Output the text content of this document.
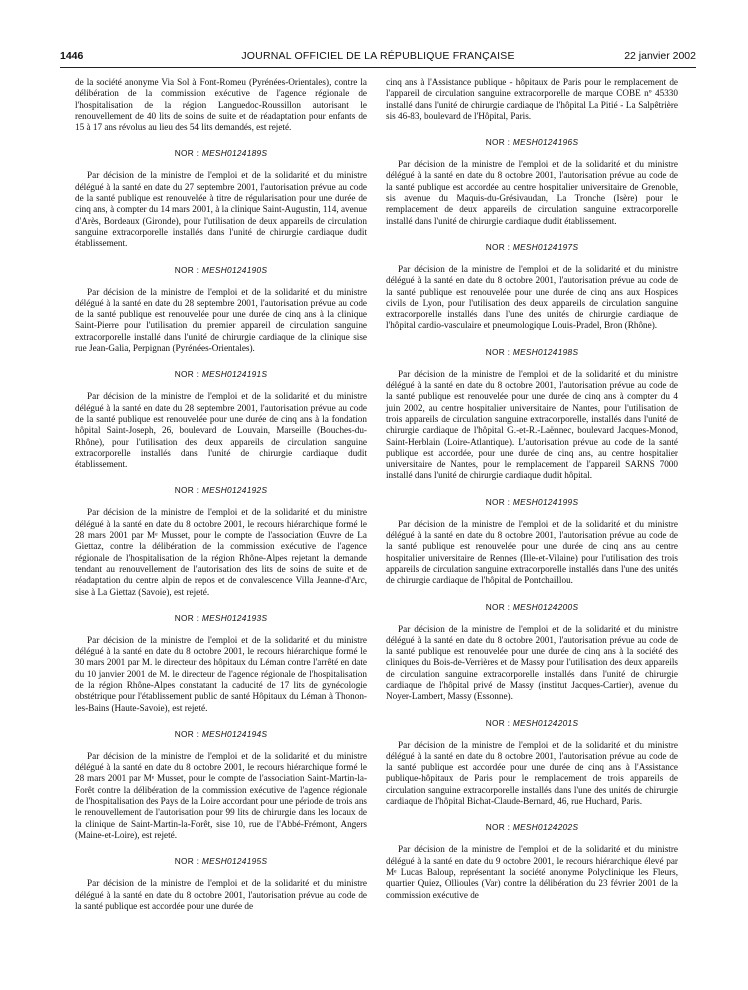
1446	JOURNAL OFFICIEL DE LA RÉPUBLIQUE FRANÇAISE	22 janvier 2002

de la société anonyme Via Sol à Font-Romeu (Pyrénées-Orientales), contre la délibération de la commission exécutive de l'agence régionale de l'hospitalisation de la région Languedoc-Roussillon autorisant le renouvellement de 40 lits de soins de suite et de réadaptation pour enfants de 15 à 17 ans révolus au lieu des 54 lits demandés, est rejeté.

NOR : MESH0124189S

Par décision de la ministre de l'emploi et de la solidarité et du ministre délégué à la santé en date du 27 septembre 2001, l'autorisation prévue au code de la santé publique est renouvelée à titre de régularisation pour une durée de cinq ans, à compter du 14 mars 2001, à la clinique Saint-Augustin, 114, avenue d'Arès, Bordeaux (Gironde), pour l'utilisation de deux appareils de circulation sanguine extracorporelle installés dans l'unité de chirurgie cardiaque dudit établissement.

NOR : MESH0124190S

Par décision de la ministre de l'emploi et de la solidarité et du ministre délégué à la santé en date du 28 septembre 2001, l'autorisation prévue au code de la santé publique est renouvelée pour une durée de cinq ans à la clinique Saint-Pierre pour l'utilisation du premier appareil de circulation sanguine extracorporelle installé dans l'unité de chirurgie cardiaque de la clinique sise rue Jean-Galia, Perpignan (Pyrénées-Orientales).

NOR : MESH0124191S

Par décision de la ministre de l'emploi et de la solidarité et du ministre délégué à la santé en date du 28 septembre 2001, l'autorisation prévue au code de la santé publique est renouvelée pour une durée de cinq ans à la fondation hôpital Saint-Joseph, 26, boulevard de Louvain, Marseille (Bouches-du-Rhône), pour l'utilisation des deux appareils de circulation sanguine extracorporelle installés dans l'unité de chirurgie cardiaque dudit établissement.

NOR : MESH0124192S

Par décision de la ministre de l'emploi et de la solidarité et du ministre délégué à la santé en date du 8 octobre 2001, le recours hiérarchique formé le 28 mars 2001 par Mᵉ Musset, pour le compte de l'association Œuvre de La Giettaz, contre la délibération de la commission exécutive de l'agence régionale de l'hospitalisation de la région Rhône-Alpes rejetant la demande tendant au renouvellement de l'autorisation des lits de soins de suite et de réadaptation du centre alpin de repos et de convalescence Villa Jeanne-d'Arc, sise à La Giettaz (Savoie), est rejeté.

NOR : MESH0124193S

Par décision de la ministre de l'emploi et de la solidarité et du ministre délégué à la santé en date du 8 octobre 2001, le recours hiérarchique formé le 30 mars 2001 par M. le directeur des hôpitaux du Léman contre l'arrêté en date du 10 janvier 2001 de M. le directeur de l'agence régionale de l'hospitalisation de la région Rhône-Alpes constatant la caducité de 17 lits de gynécologie obstétrique pour l'établissement public de santé Hôpitaux du Léman à Thonon-les-Bains (Haute-Savoie), est rejeté.

NOR : MESH0124194S

Par décision de la ministre de l'emploi et de la solidarité et du ministre délégué à la santé en date du 8 octobre 2001, le recours hiérarchique formé le 28 mars 2001 par Mᵉ Musset, pour le compte de l'association Saint-Martin-la-Forêt contre la délibération de la commission exécutive de l'agence régionale de l'hospitalisation des Pays de la Loire accordant pour une période de trois ans le renouvellement de l'autorisation pour 99 lits de chirurgie dans les locaux de la clinique de Saint-Martin-la-Forêt, sise 10, rue de l'Abbé-Frémont, Angers (Maine-et-Loire), est rejeté.

NOR : MESH0124195S

Par décision de la ministre de l'emploi et de la solidarité et du ministre délégué à la santé en date du 8 octobre 2001, l'autorisation prévue au code de la santé publique est accordée pour une durée de

cinq ans à l'Assistance publique - hôpitaux de Paris pour le remplacement de l'appareil de circulation sanguine extracorporelle de marque COBE nº 45330 installé dans l'unité de chirurgie cardiaque de l'hôpital La Pitié - La Salpêtrière sis 46-83, boulevard de l'Hôpital, Paris.

NOR : MESH0124196S

Par décision de la ministre de l'emploi et de la solidarité et du ministre délégué à la santé en date du 8 octobre 2001, l'autorisation prévue au code de la santé publique est accordée au centre hospitalier universitaire de Grenoble, sis avenue du Maquis-du-Grésivaudan, La Tronche (Isère) pour le remplacement de deux appareils de circulation sanguine extracorporelle installé dans l'unité de chirurgie cardiaque dudit établissement.

NOR : MESH0124197S

Par décision de la ministre de l'emploi et de la solidarité et du ministre délégué à la santé en date du 8 octobre 2001, l'autorisation prévue au code de la santé publique est renouvelée pour une durée de cinq ans aux Hospices civils de Lyon, pour l'utilisation des deux appareils de circulation sanguine extracorporelle installés dans l'une des unités de chirurgie cardiaque de l'hôpital cardio-vasculaire et pneumologique Louis-Pradel, Bron (Rhône).

NOR : MESH0124198S

Par décision de la ministre de l'emploi et de la solidarité et du ministre délégué à la santé en date du 8 octobre 2001, l'autorisation prévue au code de la santé publique est renouvelée pour une durée de cinq ans à compter du 4 juin 2002, au centre hospitalier universitaire de Nantes, pour l'utilisation de trois appareils de circulation sanguine extracorporelle, installés dans l'unité de chirurgie cardiaque de l'hôpital G.-et-R.-Laënnec, boulevard Jacques-Monod, Saint-Herblain (Loire-Atlantique). L'autorisation prévue au code de la santé publique est accordée, pour une durée de cinq ans, au centre hospitalier universitaire de Nantes, pour le remplacement de l'appareil SARNS 7000 installé dans l'unité de chirurgie cardiaque dudit hôpital.

NOR : MESH0124199S

Par décision de la ministre de l'emploi et de la solidarité et du ministre délégué à la santé en date du 8 octobre 2001, l'autorisation prévue au code de la santé publique est renouvelée pour une durée de cinq ans au centre hospitalier universitaire de Rennes (Ille-et-Vilaine) pour l'utilisation des trois appareils de circulation sanguine extracorporelle installés dans l'une des unités de chirurgie cardiaque de l'hôpital de Pontchaillou.

NOR : MESH0124200S

Par décision de la ministre de l'emploi et de la solidarité et du ministre délégué à la santé en date du 8 octobre 2001, l'autorisation prévue au code de la santé publique est renouvelée pour une durée de cinq ans à la société des cliniques du Bois-de-Verrières et de Massy pour l'utilisation des deux appareils de circulation sanguine extracorporelle installés dans l'unité de chirurgie cardiaque de l'hôpital privé de Massy (institut Jacques-Cartier), avenue du Noyer-Lambert, Massy (Essonne).

NOR : MESH0124201S

Par décision de la ministre de l'emploi et de la solidarité et du ministre délégué à la santé en date du 8 octobre 2001, l'autorisation prévue au code de la santé publique est accordée pour une durée de cinq ans à l'Assistance publique-hôpitaux de Paris pour le remplacement de trois appareils de circulation sanguine extracorporelle installés dans l'une des unités de chirurgie cardiaque de l'hôpital Bichat-Claude-Bernard, 46, rue Huchard, Paris.

NOR : MESH0124202S

Par décision de la ministre de l'emploi et de la solidarité et du ministre délégué à la santé en date du 9 octobre 2001, le recours hiérarchique élevé par Mᵉ Lucas Baloup, représentant la société anonyme Polyclinique les Fleurs, quartier Quiez, Ollioules (Var) contre la délibération du 23 février 2001 de la commission exécutive de
